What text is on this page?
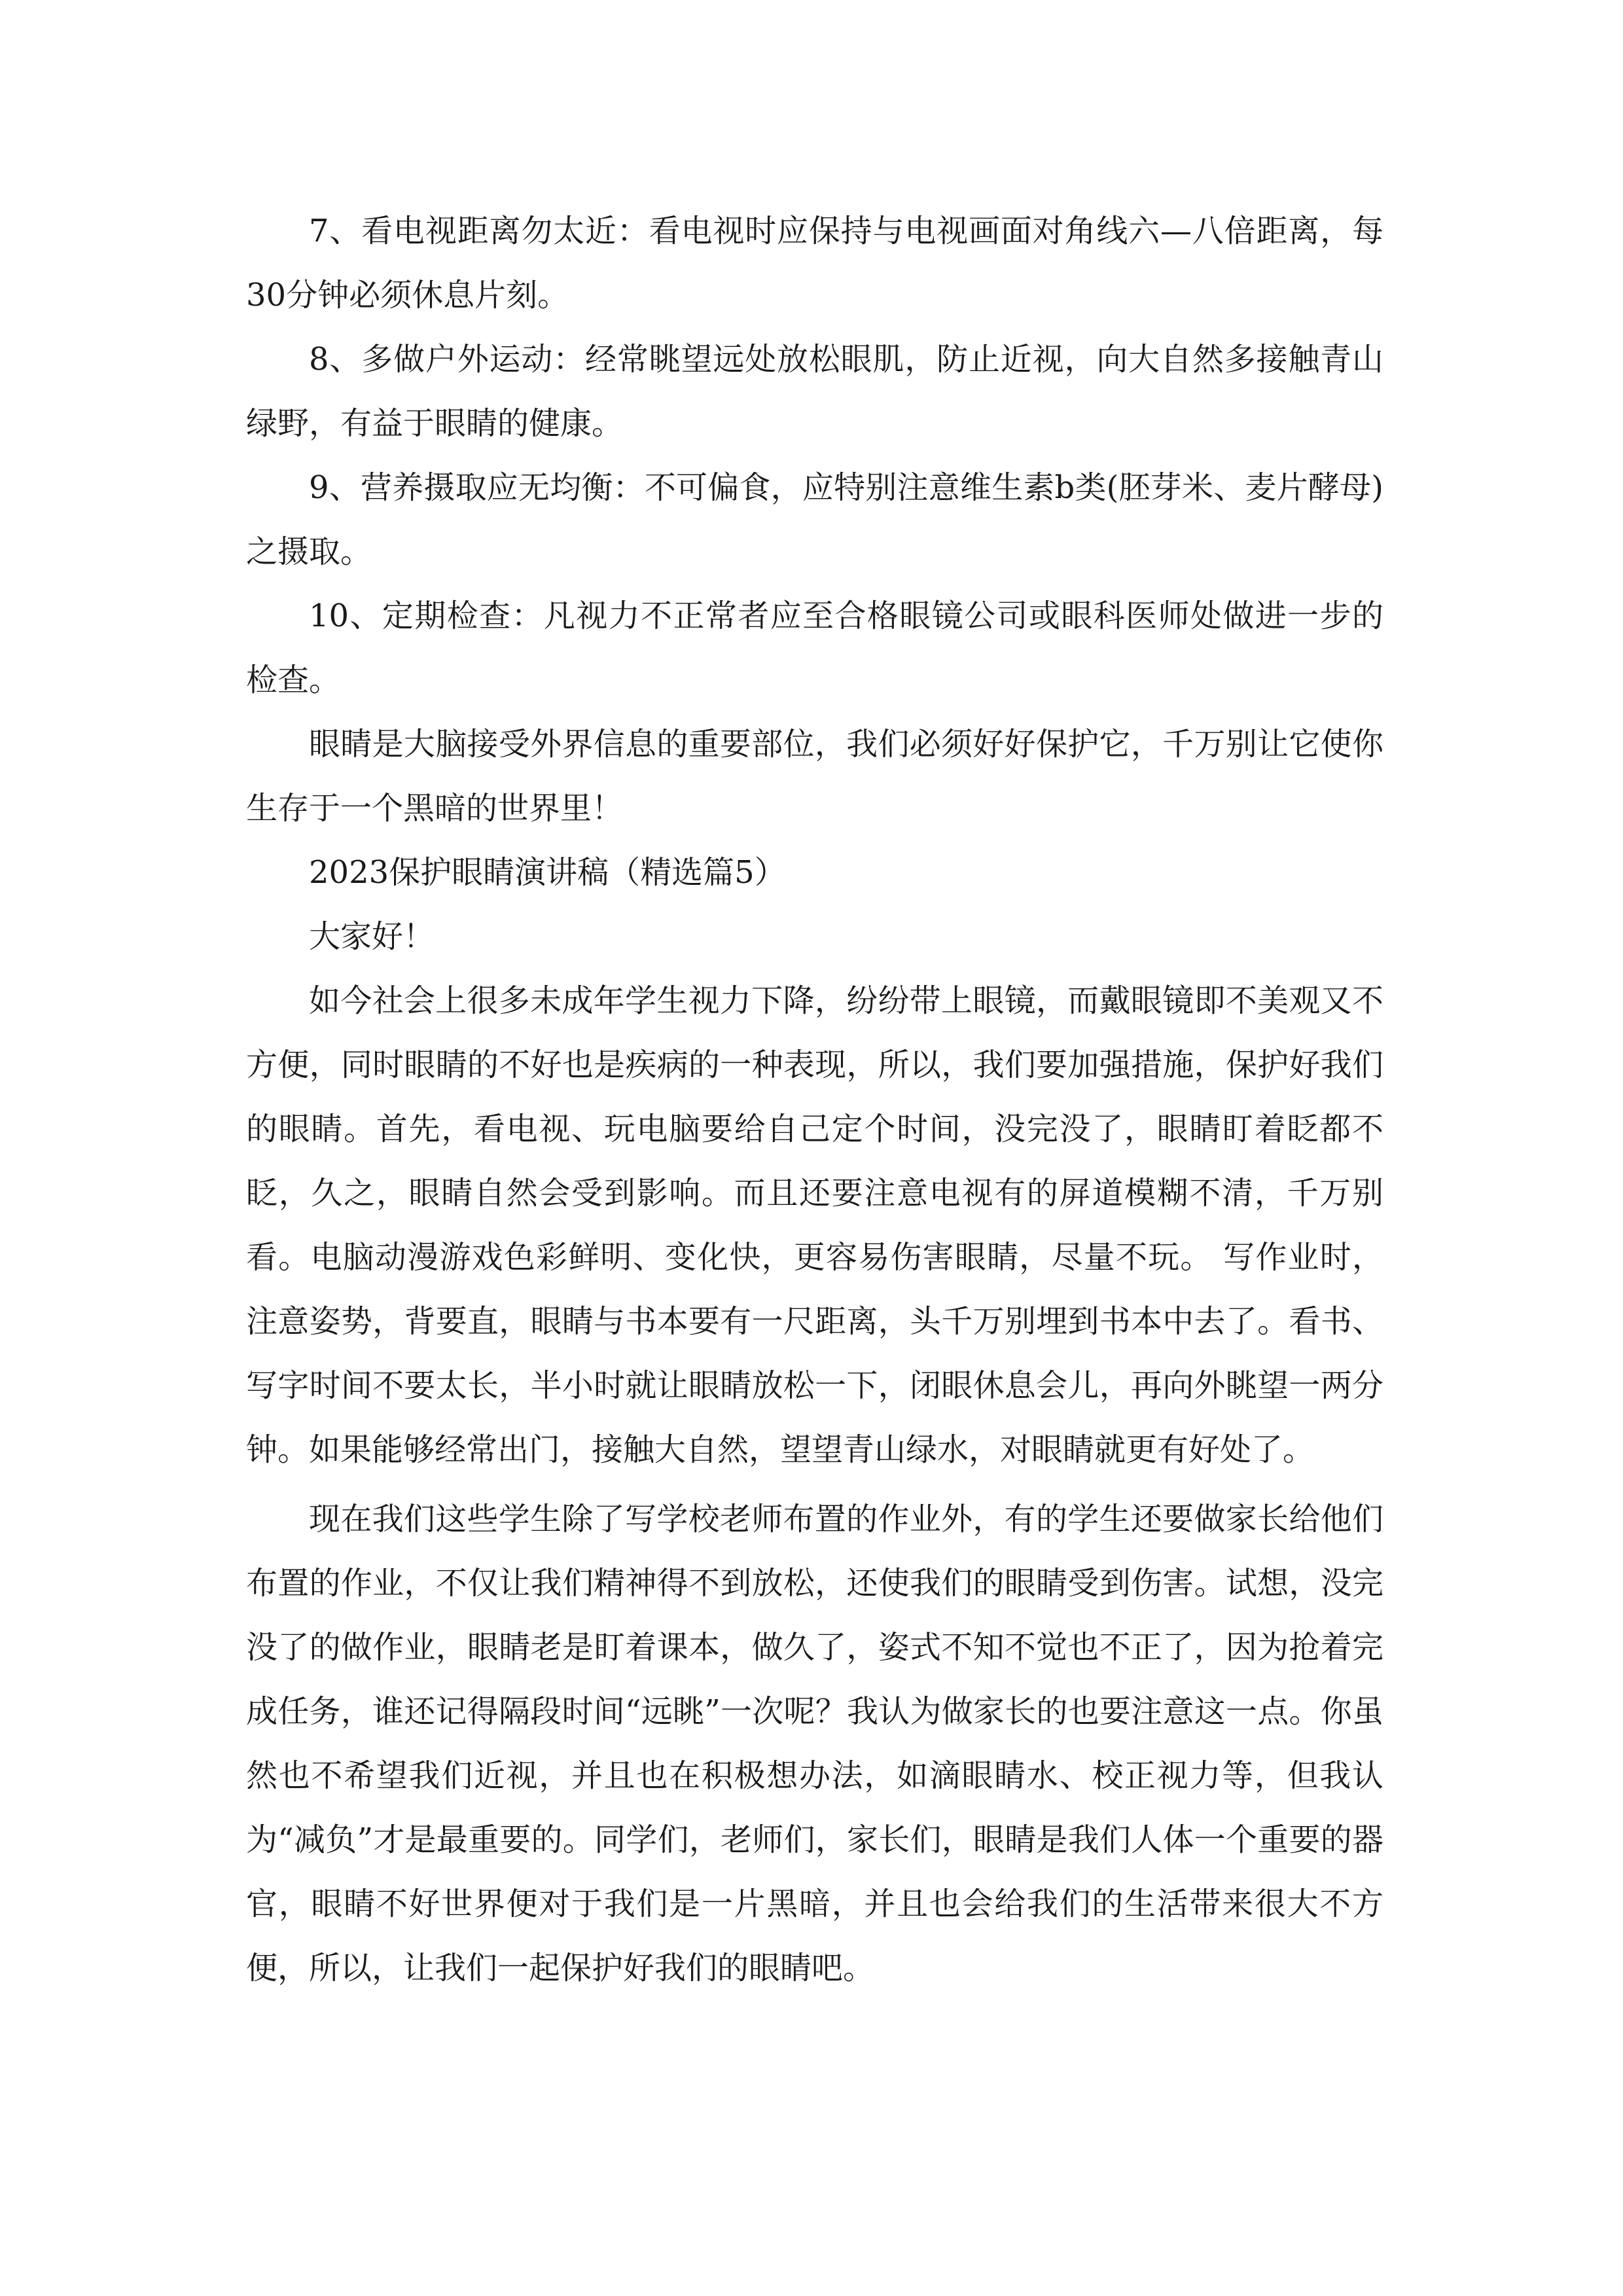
7、看电视距离勿太近：看电视时应保持与电视画面对角线六—八倍距离，每30分钟必须休息片刻。

8、多做户外运动：经常眺望远处放松眼肌，防止近视，向大自然多接触青山绿野，有益于眼睛的健康。

9、营养摄取应无均衡：不可偏食，应特别注意维生素b类(胚芽米、麦片酵母)之摄取。

10、定期检查：凡视力不正常者应至合格眼镜公司或眼科医师处做进一步的检查。

眼睛是大脑接受外界信息的重要部位，我们必须好好保护它，千万别让它使你生存于一个黑暗的世界里！

2023保护眼睛演讲稿（精选篇5）

大家好！

如今社会上很多未成年学生视力下降，纷纷带上眼镜，而戴眼镜即不美观又不方便，同时眼睛的不好也是疾病的一种表现，所以，我们要加强措施，保护好我们的眼睛。首先，看电视、玩电脑要给自己定个时间，没完没了，眼睛盯着眨都不眨，久之，眼睛自然会受到影响。而且还要注意电视有的屏道模糊不清，千万别看。电脑动漫游戏色彩鲜明、变化快，更容易伤害眼睛，尽量不玩。 写作业时，注意姿势，背要直，眼睛与书本要有一尺距离，头千万别埋到书本中去了。看书、写字时间不要太长，半小时就让眼睛放松一下，闭眼休息会儿，再向外眺望一两分钟。如果能够经常出门，接触大自然，望望青山绿水，对眼睛就更有好处了。

现在我们这些学生除了写学校老师布置的作业外，有的学生还要做家长给他们布置的作业，不仅让我们精神得不到放松，还使我们的眼睛受到伤害。试想，没完没了的做作业，眼睛老是盯着课本，做久了，姿式不知不觉也不正了，因为抢着完成任务，谁还记得隔段时间“远眺”一次呢？我认为做家长的也要注意这一点。你虽然也不希望我们近视，并且也在积极想办法，如滴眼睛水、校正视力等，但我认为“减负”才是最重要的。同学们，老师们，家长们，眼睛是我们人体一个重要的器官，眼睛不好世界便对于我们是一片黑暗，并且也会给我们的生活带来很大不方便，所以，让我们一起保护好我们的眼睛吧。
